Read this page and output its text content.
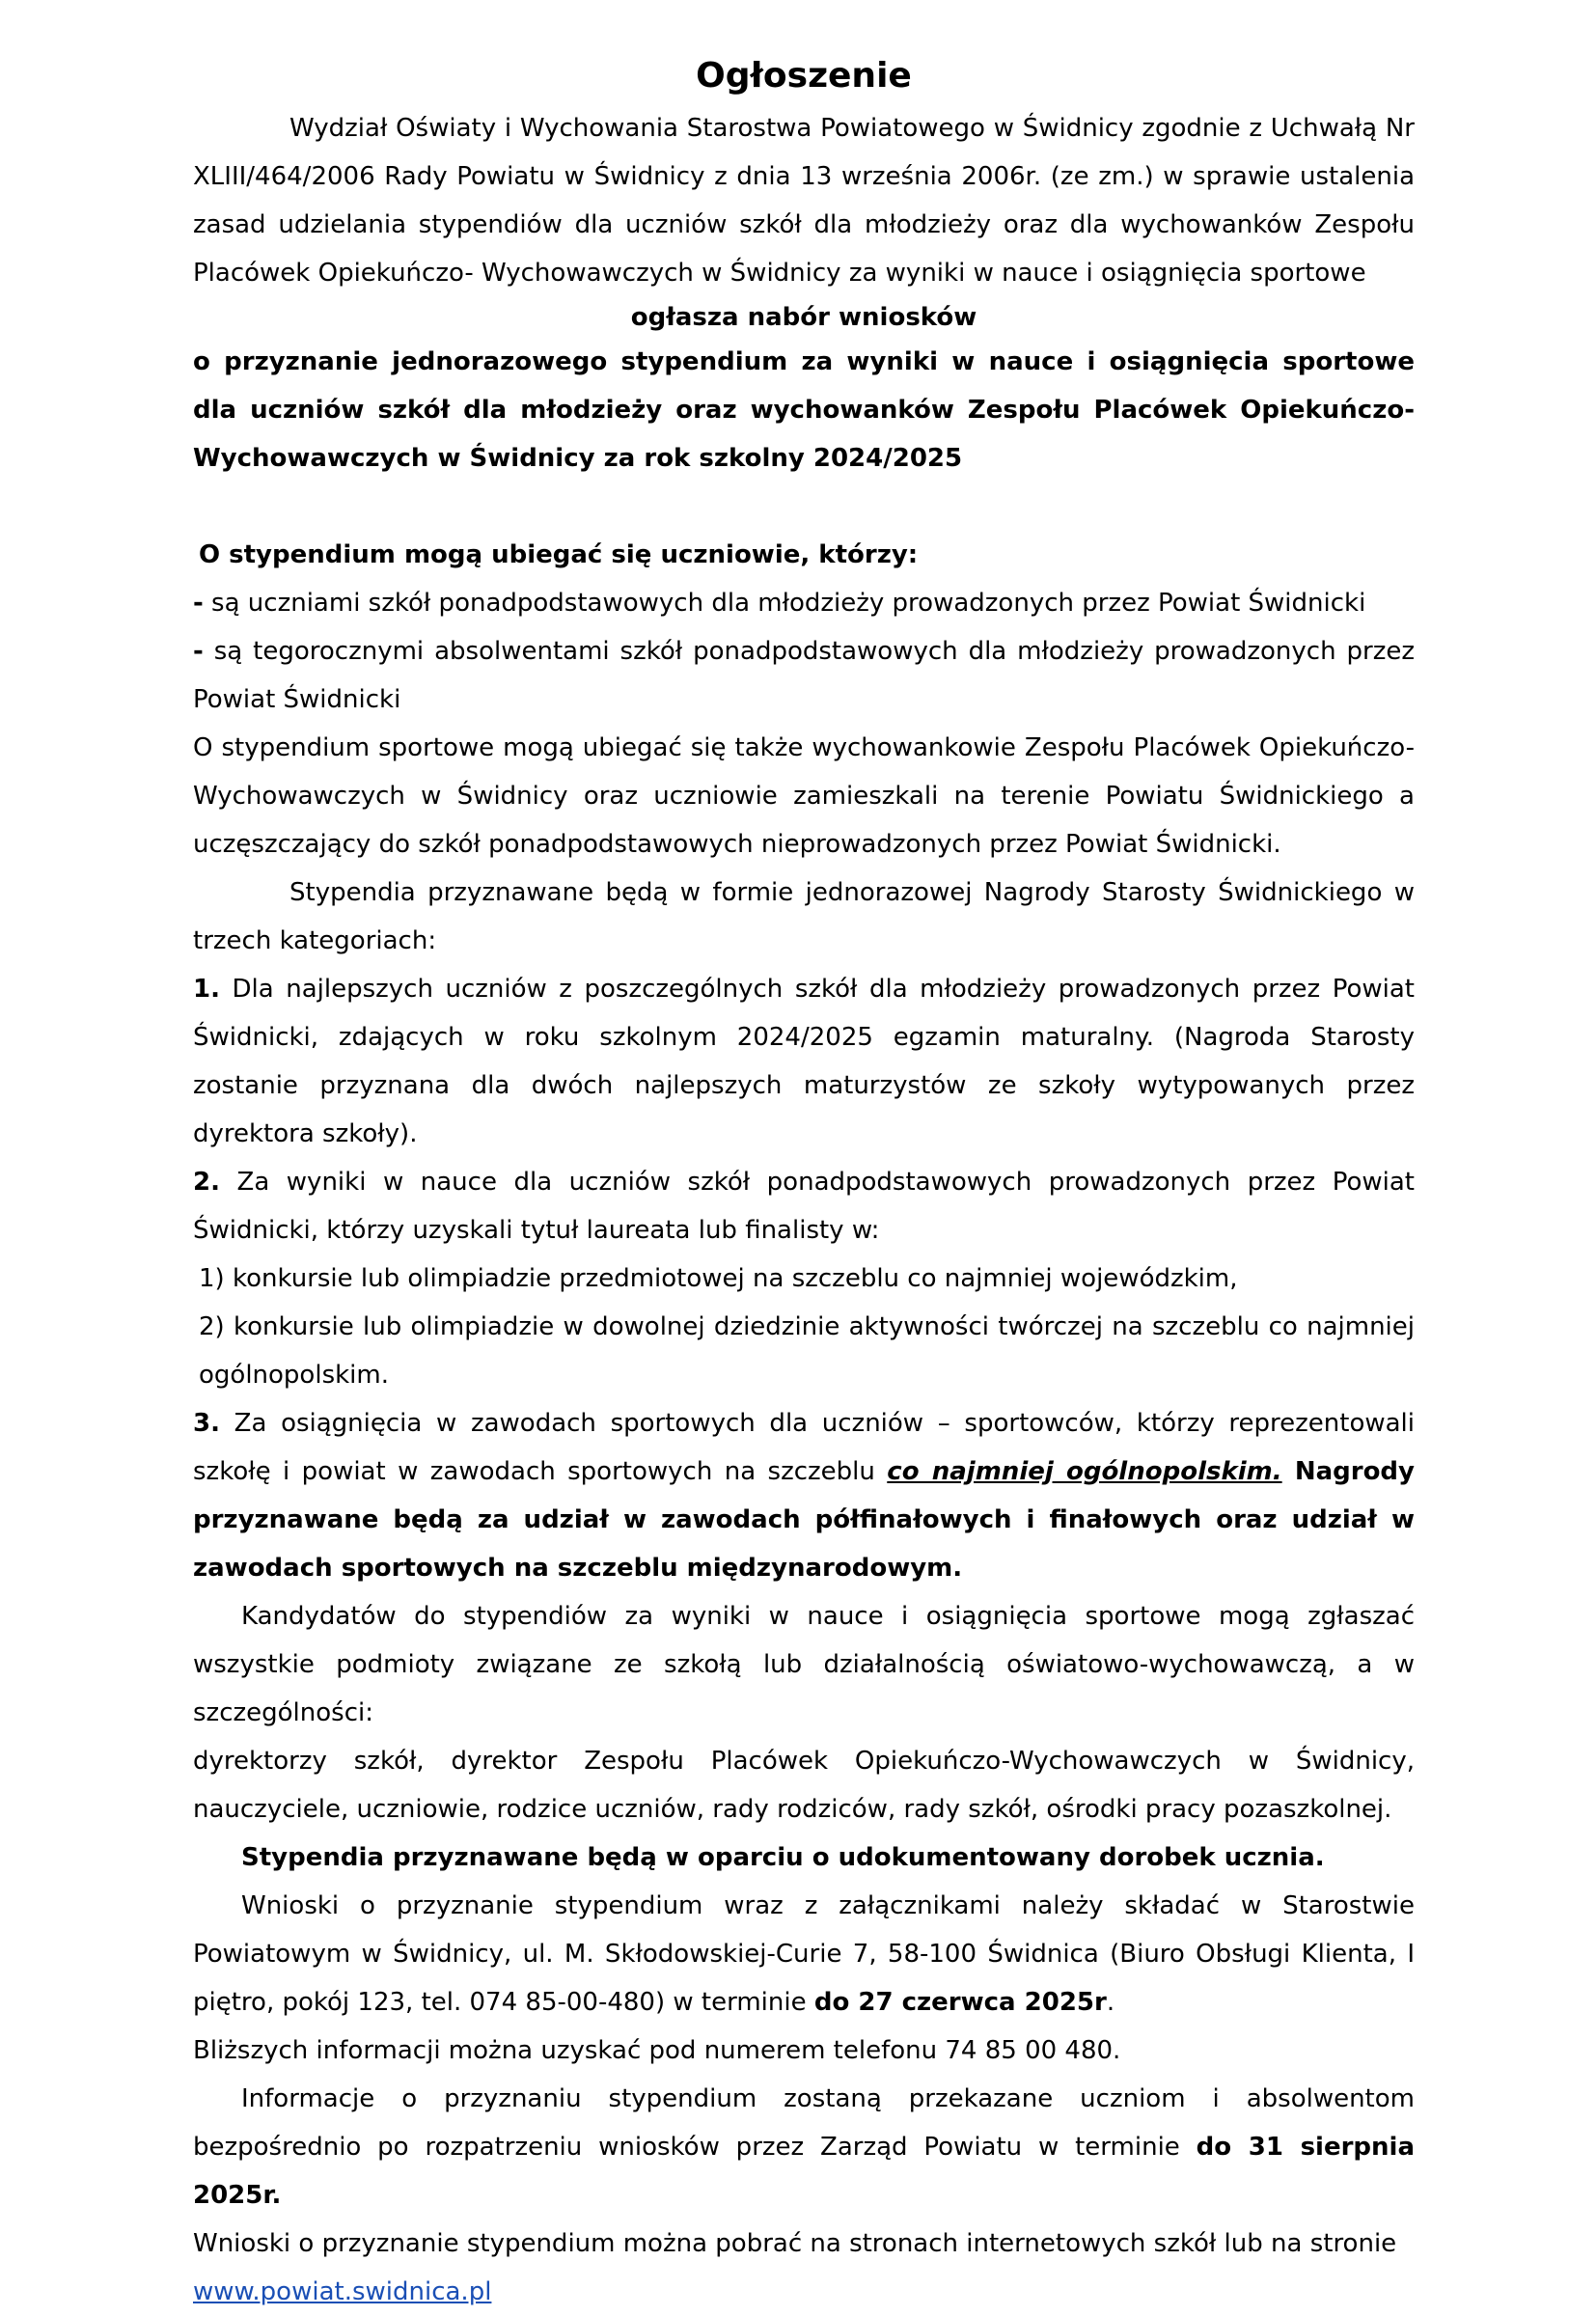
Ogłoszenie

Wydział Oświaty i Wychowania Starostwa Powiatowego w Świdnicy zgodnie z Uchwałą Nr XLIII/464/2006 Rady Powiatu w Świdnicy z dnia 13 września 2006r. (ze zm.) w sprawie ustalenia zasad udzielania stypendiów dla uczniów szkół dla młodzieży oraz dla wychowanków Zespołu Placówek Opiekuńczo- Wychowawczych w Świdnicy za wyniki w nauce i osiągnięcia sportowe

ogłasza nabór wniosków

o przyznanie jednorazowego stypendium za wyniki w nauce i osiągnięcia sportowe dla uczniów szkół dla młodzieży oraz wychowanków Zespołu Placówek Opiekuńczo-Wychowawczych w Świdnicy za rok szkolny 2024/2025

O stypendium mogą ubiegać się uczniowie, którzy:

- są uczniami szkół ponadpodstawowych dla młodzieży prowadzonych przez Powiat Świdnicki

- są tegorocznymi absolwentami szkół ponadpodstawowych dla młodzieży prowadzonych przez Powiat Świdnicki

O stypendium sportowe mogą ubiegać się także wychowankowie Zespołu Placówek Opiekuńczo-Wychowawczych w Świdnicy oraz uczniowie zamieszkali na terenie Powiatu Świdnickiego a uczęszczający do szkół ponadpodstawowych nieprowadzonych przez Powiat Świdnicki.

Stypendia przyznawane będą w formie jednorazowej Nagrody Starosty Świdnickiego w trzech kategoriach:

1. Dla najlepszych uczniów z poszczególnych szkół dla młodzieży prowadzonych przez Powiat Świdnicki, zdających w roku szkolnym 2024/2025 egzamin maturalny. (Nagroda Starosty zostanie przyznana dla dwóch najlepszych maturzystów ze szkoły wytypowanych przez dyrektora szkoły).

2. Za wyniki w nauce dla uczniów szkół ponadpodstawowych prowadzonych przez Powiat Świdnicki, którzy uzyskali tytuł laureata lub finalisty w:

1) konkursie lub olimpiadzie przedmiotowej na szczeblu co najmniej wojewódzkim,

2) konkursie lub olimpiadzie w dowolnej dziedzinie aktywności twórczej na szczeblu co najmniej ogólnopolskim.

3. Za osiągnięcia w zawodach sportowych dla uczniów – sportowców, którzy reprezentowali szkołę i powiat w zawodach sportowych na szczeblu co najmniej ogólnopolskim. Nagrody przyznawane będą za udział w zawodach półfinałowych i finałowych oraz udział w zawodach sportowych na szczeblu międzynarodowym.

Kandydatów do stypendiów za wyniki w nauce i osiągnięcia sportowe mogą zgłaszać wszystkie podmioty związane ze szkołą lub działalnością oświatowo-wychowawczą, a w szczególności:

dyrektorzy szkół, dyrektor Zespołu Placówek Opiekuńczo-Wychowawczych w Świdnicy, nauczyciele, uczniowie, rodzice uczniów, rady rodziców, rady szkół, ośrodki pracy pozaszkolnej.

Stypendia przyznawane będą w oparciu o udokumentowany dorobek ucznia.

Wnioski o przyznanie stypendium wraz z załącznikami należy składać w Starostwie Powiatowym w Świdnicy, ul. M. Skłodowskiej-Curie 7, 58-100 Świdnica (Biuro Obsługi Klienta, I piętro, pokój 123, tel. 074 85-00-480) w terminie do 27 czerwca 2025r.

Bliższych informacji można uzyskać pod numerem telefonu 74 85 00 480.

Informacje o przyznaniu stypendium zostaną przekazane uczniom i absolwentom bezpośrednio po rozpatrzeniu wniosków przez Zarząd Powiatu w terminie do 31 sierpnia 2025r.

Wnioski o przyznanie stypendium można pobrać na stronach internetowych szkół lub na stronie

www.powiat.swidnica.pl
